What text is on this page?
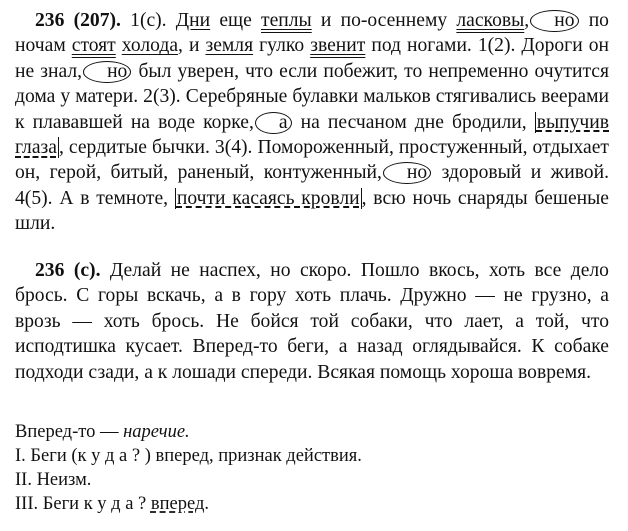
236 (207). 1(с). Дни еще теплы и по-осеннему ласковы, но по ночам стоят холода, и земля гулко звенит под ногами. 1(2). Дороги он не знал, но был уверен, что если побежит, то непременно очутится дома у матери. 2(3). Серебряные булавки мальков стягивались веерами к плававшей на воде корке, а на песчаном дне бродили, выпучив глаза , сердитые бычки. 3(4). Помороженный, простуженный, отдыхает он, герой, битый, раненый, контуженный, но здоровый и живой. 4(5). А в темноте, почти касаясь кровли , всю ночь снаряды бешеные шли.
236 (с). Делай не наспех, но скоро. Пошло вкось, хоть все дело брось. С горы вскачь, а в гору хоть плачь. Дружно — не грузно, а врозь — хоть брось. Не бойся той собаки, что лает, а той, что исподтишка кусает. Вперед-то беги, а назад оглядывайся. К собаке подходи сзади, а к лошади спереди. Всякая помощь хороша вовремя.
Вперед-то — наречие.
I. Беги (к у д а ? ) вперед, признак действия.
II. Неизм.
III. Беги к у д а ? вперед.
